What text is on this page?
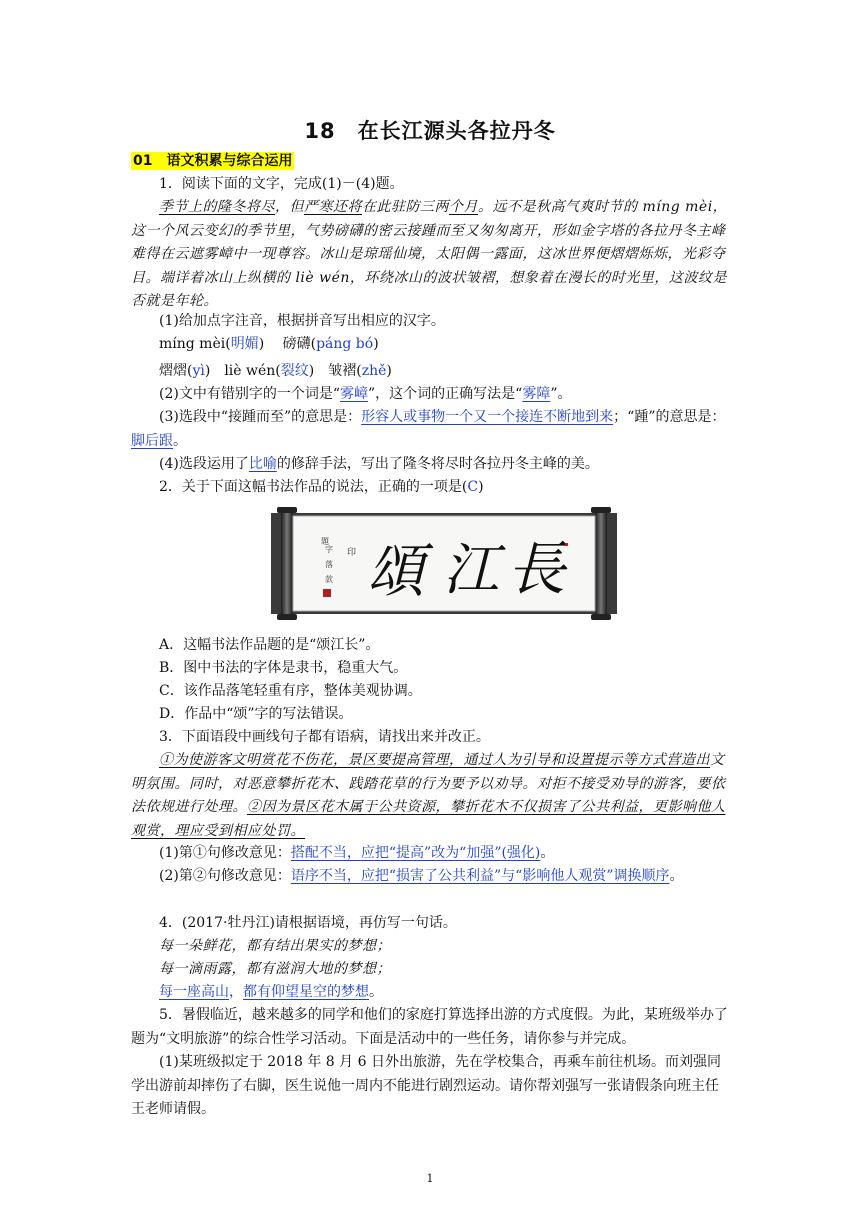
18　在长江源头各拉丹冬
01　语文积累与综合运用
1．阅读下面的文字，完成(1)－(4)题。
季节上的隆冬将尽，但严寒还将在此驻防三两个月。远不是秋高气爽时节的 míng mèi，这一个风云变幻的季节里，气势磅礴的密云接踵而至又匆匆离开，形如金字塔的各拉丹冬主峰难得在云遮雾嶂中一现尊容。冰山是琼瑶仙境，太阳偶一露面，这冰世界便熠熠烁烁，光彩夺目。端详着冰山上纵横的 liè wén，环绕冰山的波状皱褶，想象着在漫长的时光里，这波纹是否就是年轮。
(1)给加点字注音，根据拼音写出相应的汉字。
míng mèi(明媚)　 磅礴(páng bó)
熠熠(yì)　liè wén(裂纹)　皱褶(zhě)
(2)文中有错别字的一个词是“雾嶂”，这个词的正确写法是“雾障”。
(3)选段中“接踵而至”的意思是：形容人或事物一个又一个接连不断地到来；“踵”的意思是：脚后跟。
(4)选段运用了比喻的修辞手法，写出了隆冬将尽时各拉丹冬主峰的美。
2．关于下面这幅书法作品的说法，正确的一项是(C)
題
字
落
款
印 頌 江 長
A．这幅书法作品题的是“颂江长”。
B．图中书法的字体是隶书，稳重大气。
C．该作品落笔轻重有序，整体美观协调。
D．作品中“颂”字的写法错误。
3．下面语段中画线句子都有语病，请找出来并改正。
①为使游客文明赏花不伤花，景区要提高管理，通过人为引导和设置提示等方式营造出文明氛围。同时，对恶意攀折花木、践踏花草的行为要予以劝导。对拒不接受劝导的游客，要依法依规进行处理。②因为景区花木属于公共资源，攀折花木不仅损害了公共利益，更影响他人观赏，理应受到相应处罚。
(1)第①句修改意见：搭配不当，应把“提高”改为“加强”(强化)。
(2)第②句修改意见：语序不当，应把“损害了公共利益”与“影响他人观赏”调换顺序。
4．(2017·牡丹江)请根据语境，再仿写一句话。
每一朵鲜花，都有结出果实的梦想；
每一滴雨露，都有滋润大地的梦想；
每一座高山，都有仰望星空的梦想。
5．暑假临近，越来越多的同学和他们的家庭打算选择出游的方式度假。为此，某班级举办了题为“文明旅游”的综合性学习活动。下面是活动中的一些任务，请你参与并完成。
(1)某班级拟定于 2018 年 8 月 6 日外出旅游，先在学校集合，再乘车前往机场。而刘强同学出游前却摔伤了右脚，医生说他一周内不能进行剧烈运动。请你帮刘强写一张请假条向班主任王老师请假。
1
